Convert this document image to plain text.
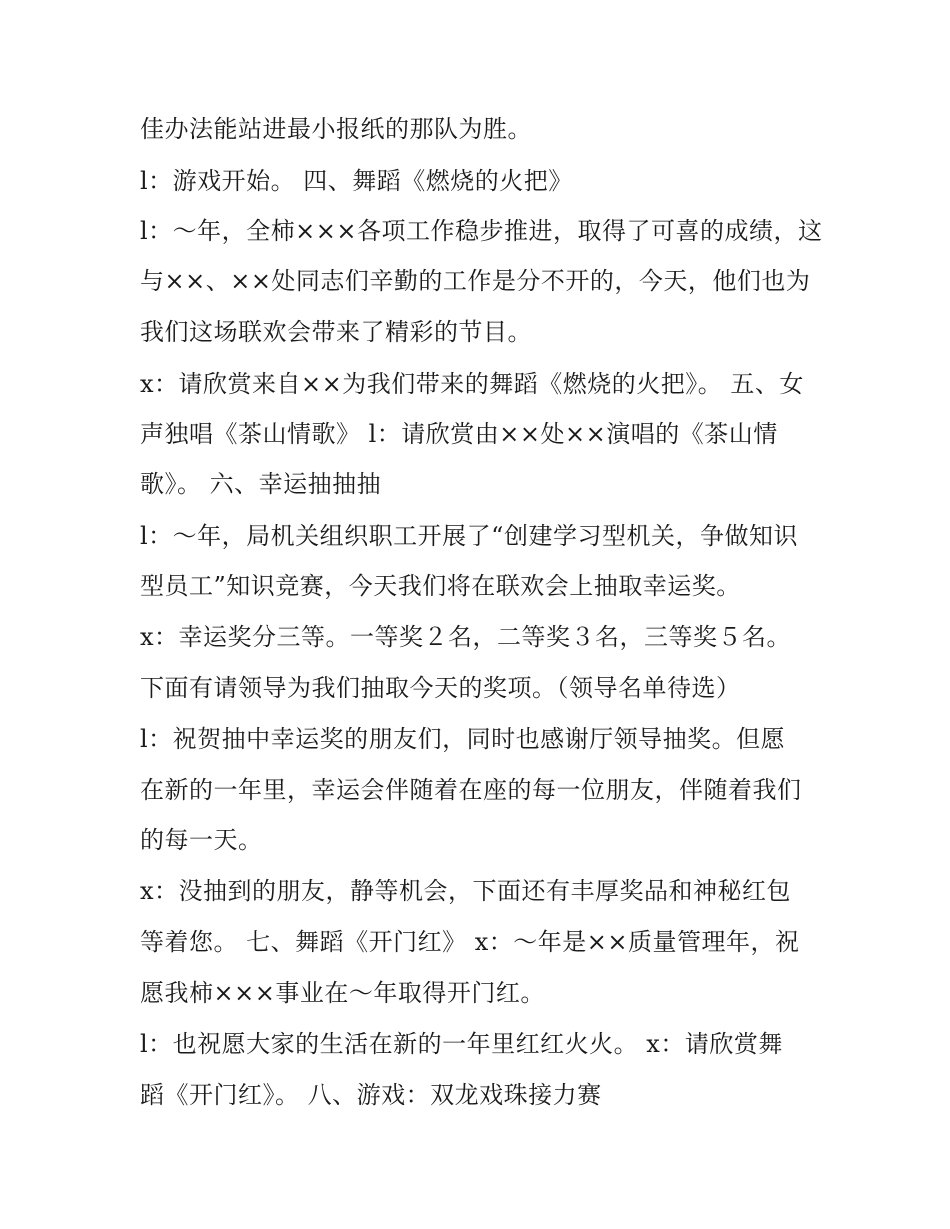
佳办法能站进最小报纸的那队为胜。
l：游戏开始。 四、舞蹈《燃烧的火把》
l：～年，全柿×××各项工作稳步推进，取得了可喜的成绩，这
与××、××处同志们辛勤的工作是分不开的，今天，他们也为
我们这场联欢会带来了精彩的节目。
x：请欣赏来自××为我们带来的舞蹈《燃烧的火把》。 五、女
声独唱《茶山情歌》 l：请欣赏由××处××演唱的《茶山情
歌》。 六、幸运抽抽抽
l：～年，局机关组织职工开展了“创建学习型机关，争做知识
型员工”知识竞赛，今天我们将在联欢会上抽取幸运奖。
x：幸运奖分三等。一等奖２名，二等奖３名，三等奖５名。
下面有请领导为我们抽取今天的奖项。（领导名单待选）
l：祝贺抽中幸运奖的朋友们，同时也感谢厅领导抽奖。但愿
在新的一年里，幸运会伴随着在座的每一位朋友，伴随着我们
的每一天。
x：没抽到的朋友，静等机会，下面还有丰厚奖品和神秘红包
等着您。 七、舞蹈《开门红》 x：～年是××质量管理年，祝
愿我柿×××事业在～年取得开门红。
l：也祝愿大家的生活在新的一年里红红火火。 x：请欣赏舞
蹈《开门红》。 八、游戏：双龙戏珠接力赛
